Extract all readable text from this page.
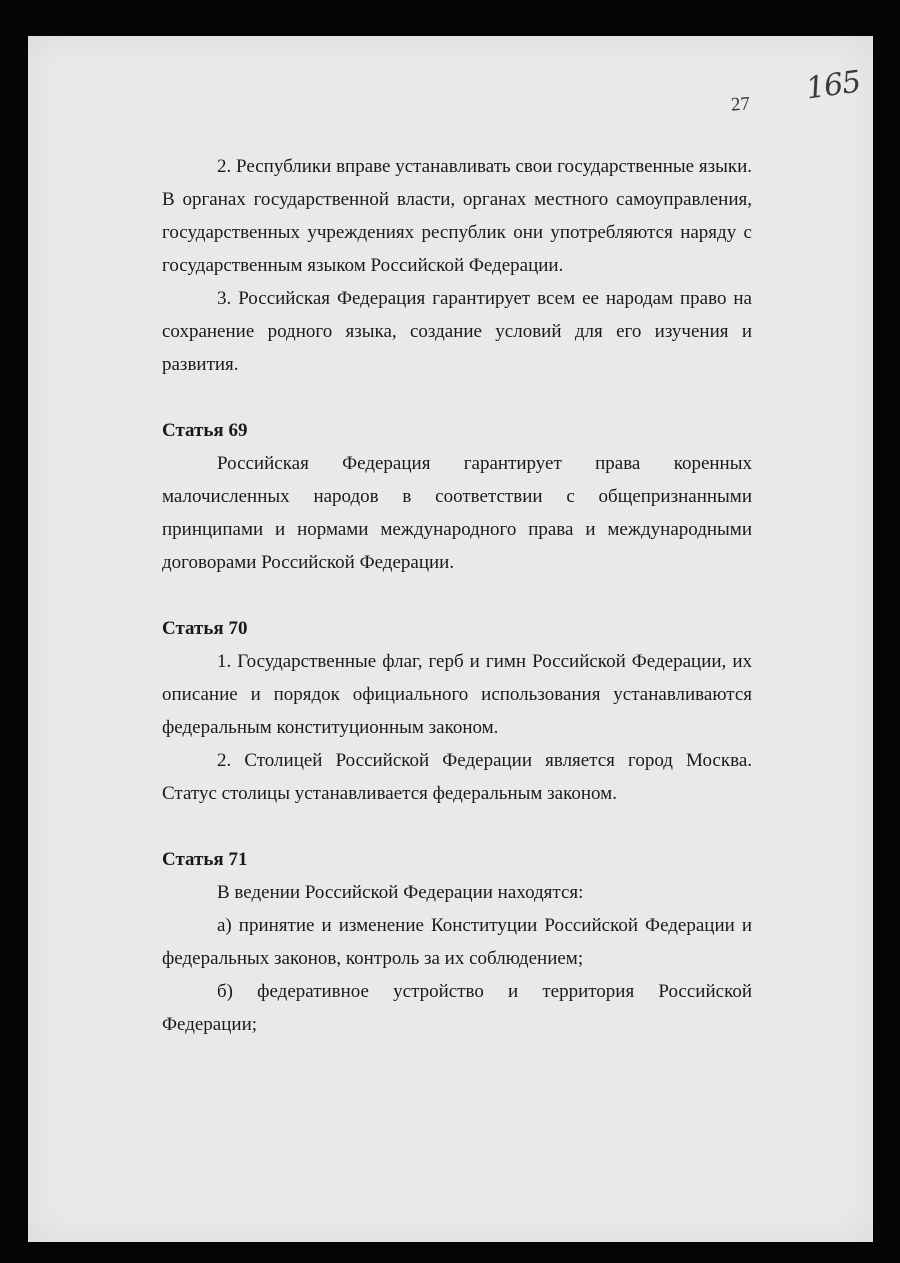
27 165

2. Республики вправе устанавливать свои государственные языки. В органах государственной власти, органах местного самоуправления, государственных учреждениях республик они употребляются наряду с государственным языком Российской Федерации.

3. Российская Федерация гарантирует всем ее народам право на сохранение родного языка, создание условий для его изучения и развития.

Статья 69

Российская Федерация гарантирует права коренных малочисленных народов в соответствии с общепризнанными принципами и нормами международного права и международными договорами Российской Федерации.

Статья 70

1. Государственные флаг, герб и гимн Российской Федерации, их описание и порядок официального использования устанавливаются федеральным конституционным законом.

2. Столицей Российской Федерации является город Москва. Статус столицы устанавливается федеральным законом.

Статья 71

В ведении Российской Федерации находятся:

а) принятие и изменение Конституции Российской Федерации и федеральных законов, контроль за их соблюдением;

б) федеративное устройство и территория Российской Федерации;
